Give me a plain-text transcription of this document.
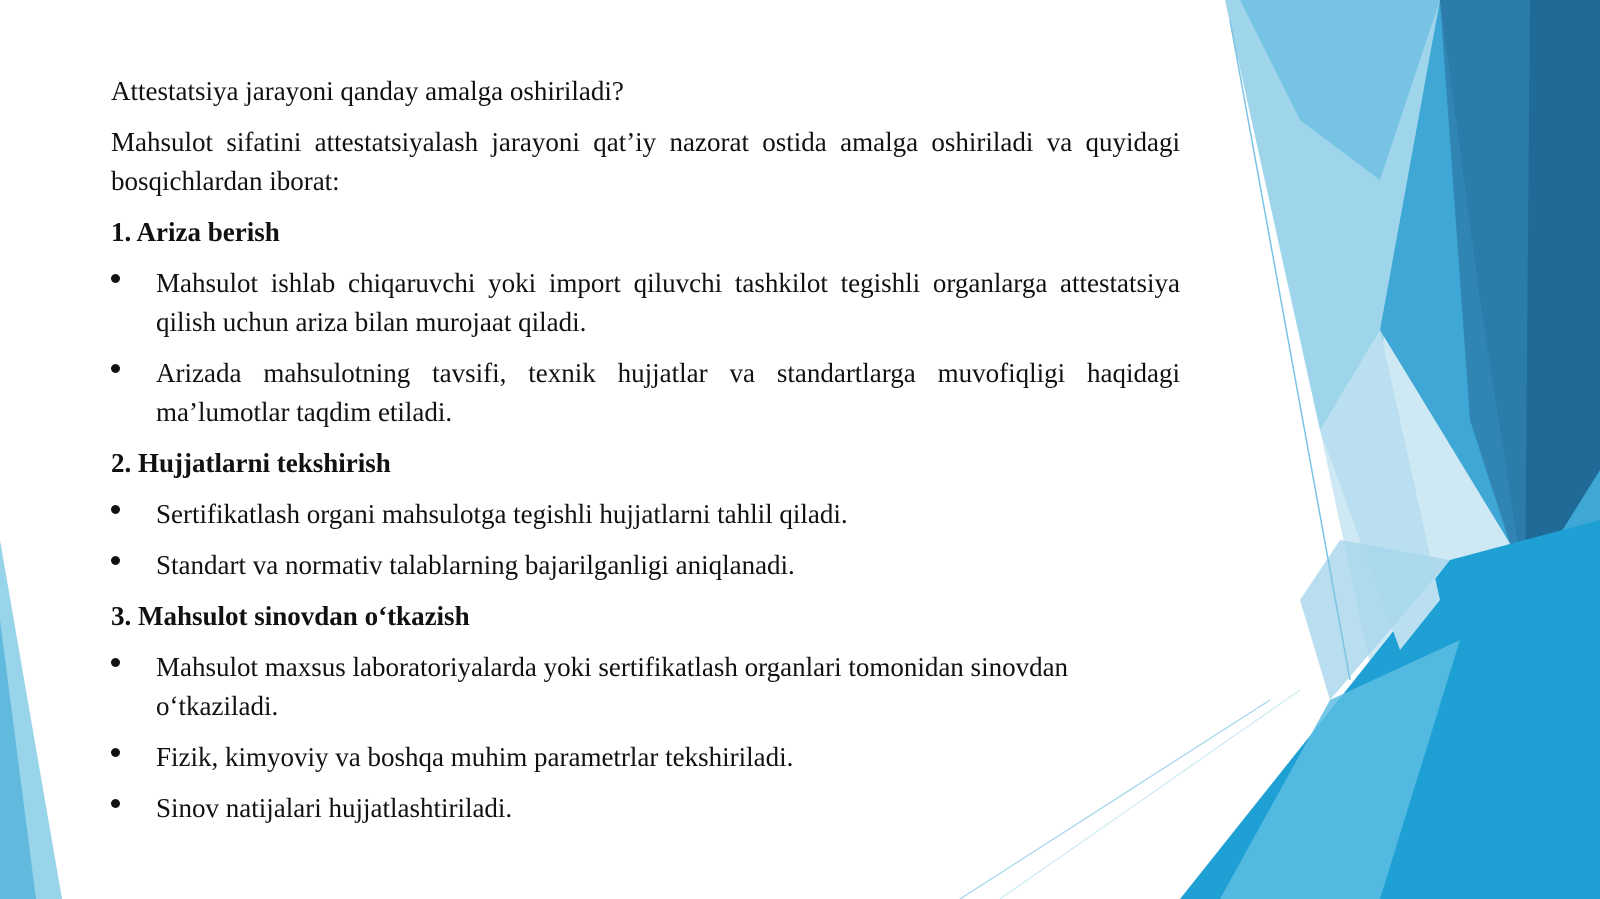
Attestatsiya jarayoni qanday amalga oshiriladi?

Mahsulot sifatini attestatsiyalash jarayoni qat’iy nazorat ostida amalga oshiriladi va quyidagi bosqichlardan iborat:

1. Ariza berish
Mahsulot ishlab chiqaruvchi yoki import qiluvchi tashkilot tegishli organlarga attestatsiya qilish uchun ariza bilan murojaat qiladi.
Arizada mahsulotning tavsifi, texnik hujjatlar va standartlarga muvofiqligi haqidagi ma’lumotlar taqdim etiladi.
2. Hujjatlarni tekshirish
Sertifikatlash organi mahsulotga tegishli hujjatlarni tahlil qiladi.
Standart va normativ talablarning bajarilganligi aniqlanadi.
3. Mahsulot sinovdan o‘tkazish
Mahsulot maxsus laboratoriyalarda yoki sertifikatlash organlari tomonidan sinovdan o‘tkaziladi.
Fizik, kimyoviy va boshqa muhim parametrlar tekshiriladi.
Sinov natijalari hujjatlashtiriladi.
